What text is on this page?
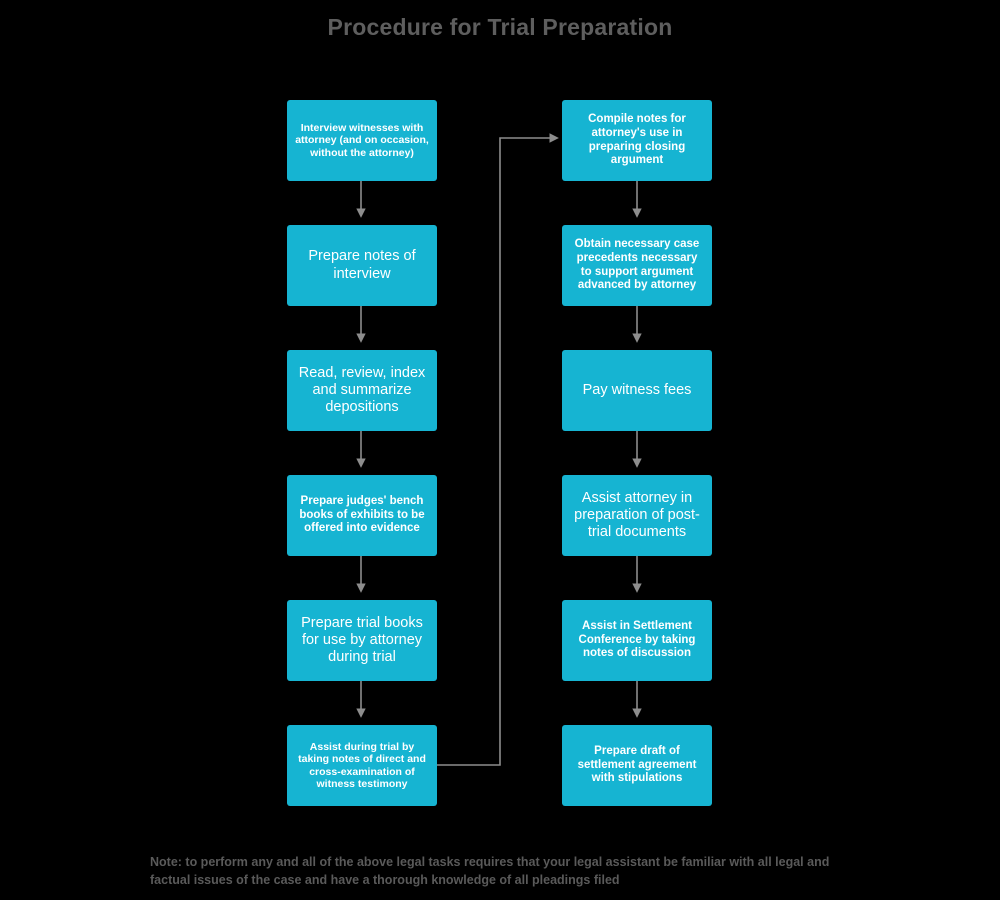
Procedure for Trial Preparation
Interview witnesses with attorney (and on occasion, without the attorney)
Prepare notes of interview
Read, review, index and summarize depositions
Prepare judges' bench books of exhibits to be offered into evidence
Prepare trial books for use by attorney during trial
Assist during trial by taking notes of direct and cross-examination of witness testimony
Compile notes for attorney's use in preparing closing argument
Obtain necessary case precedents necessary to support argument advanced by attorney
Pay witness fees
Assist attorney in preparation of post-trial documents
Assist in Settlement Conference by taking notes of discussion
Prepare draft of settlement agreement with stipulations
Note: to perform any and all of the above legal tasks requires that your legal assistant be familiar with all legal and factual issues of the case and have a thorough knowledge of all pleadings filed
